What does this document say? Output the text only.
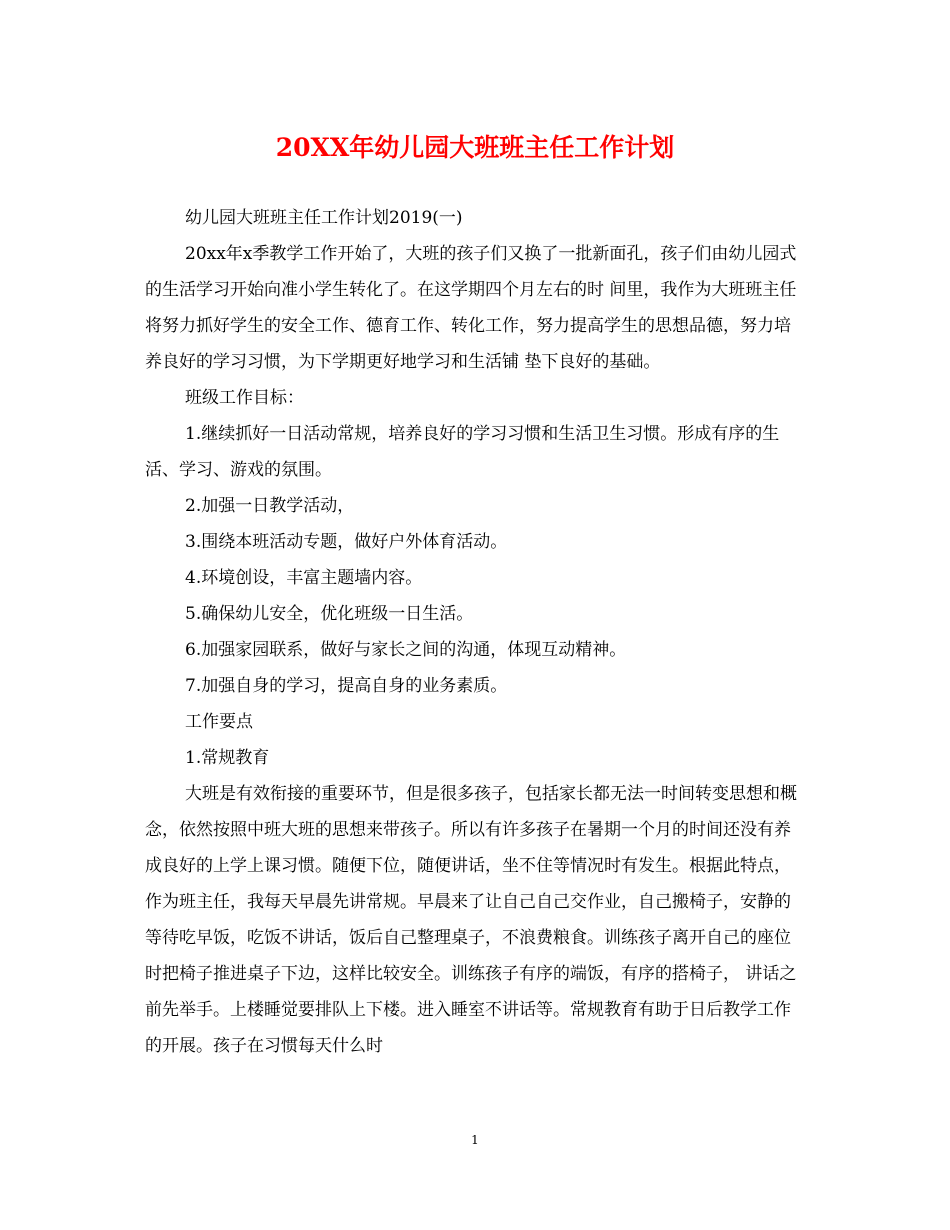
20XX年幼儿园大班班主任工作计划

幼儿园大班班主任工作计划2019(一)

20xx年x季教学工作开始了，大班的孩子们又换了一批新面孔，孩子们由幼儿园式的生活学习开始向准小学生转化了。在这学期四个月左右的时 间里，我作为大班班主任将努力抓好学生的安全工作、德育工作、转化工作，努力提高学生的思想品德，努力培养良好的学习习惯，为下学期更好地学习和生活铺 垫下良好的基础。

班级工作目标：

1.继续抓好一日活动常规，培养良好的学习习惯和生活卫生习惯。形成有序的生活、学习、游戏的氛围。

2.加强一日教学活动，

3.围绕本班活动专题，做好户外体育活动。

4.环境创设，丰富主题墙内容。

5.确保幼儿安全，优化班级一日生活。

6.加强家园联系，做好与家长之间的沟通，体现互动精神。

7.加强自身的学习，提高自身的业务素质。

工作要点

1.常规教育

大班是有效衔接的重要环节，但是很多孩子，包括家长都无法一时间转变思想和概念，依然按照中班大班的思想来带孩子。所以有许多孩子在暑期一个月的时间还没有养成良好的上学上课习惯。随便下位，随便讲话，坐不住等情况时有发生。根据此特点，作为班主任，我每天早晨先讲常规。早晨来了让自己自己交作业，自己搬椅子，安静的等待吃早饭，吃饭不讲话，饭后自己整理桌子，不浪费粮食。训练孩子离开自己的座位时把椅子推进桌子下边，这样比较安全。训练孩子有序的端饭，有序的搭椅子， 讲话之前先举手。上楼睡觉要排队上下楼。进入睡室不讲话等。常规教育有助于日后教学工作的开展。孩子在习惯每天什么时

1
